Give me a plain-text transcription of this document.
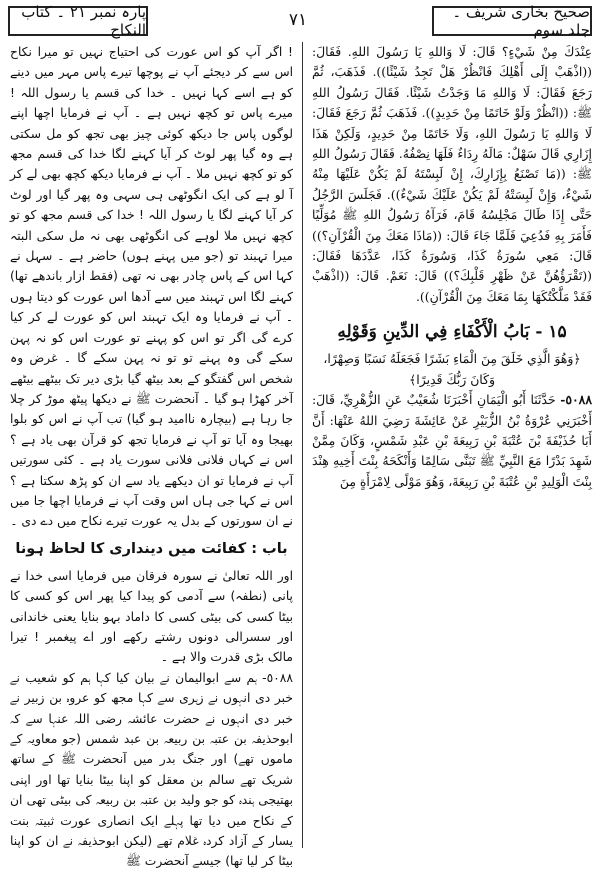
صحیح بخاری شریف ۔ جلد سوم
۷۱
پارہ نمبر ۲۱ ۔ کتاب النکاح

عِنْدَكَ مِنْ شَيْءٍ؟ قَالَ: لَا وَاللهِ يَا رَسُولَ اللهِ. فَقَالَ: ((اذْهَبْ إِلَى أَهْلِكَ فَانْظُرْ هَلْ تَجِدُ شَيْئًا)). فَذَهَبَ، ثُمَّ رَجَعَ فَقَالَ: لَا وَاللهِ مَا وَجَدْتُ شَيْئًا. فَقَالَ رَسُولُ اللهِ ﷺ: ((انْظُرْ وَلَوْ خَاتَمًا مِنْ حَدِيدٍ)). فَذَهَبَ ثُمَّ رَجَعَ فَقَالَ: لَا وَاللهِ يَا رَسُولَ اللهِ، وَلَا خَاتَمًا مِنْ حَدِيدٍ، وَلَكِنْ هَذَا إِزَارِي قَالَ سَهْلٌ: مَالَهُ رِدَاءٌ فَلَهَا نِصْفُهُ. فَقَالَ رَسُولُ اللهِ ﷺ: ((مَا تَصْنَعُ بِإِزَارِكَ، إِنْ لَبِسْتَهُ لَمْ يَكُنْ عَلَيْهَا مِنْهُ شَيْءٌ، وَإِنْ لَبِسَتْهُ لَمْ يَكُنْ عَلَيْكَ شَيْءٌ)). فَجَلَسَ الرَّجُلُ حَتَّى إِذَا طَالَ مَجْلِسُهُ قَامَ، فَرَآهُ رَسُولُ اللهِ ﷺ مُوَلِّيًا فَأَمَرَ بِهِ فَدُعِيَ فَلَمَّا جَاءَ قَالَ: ((مَاذَا مَعَكَ مِنَ الْقُرْآنِ؟)) قَالَ: مَعِي سُورَةُ كَذَا، وَسُورَةُ كَذَا، عَدَّدَهَا فَقَالَ: ((تَقْرَؤُهُنَّ عَنْ ظَهْرِ قَلْبِكَ؟)) قَالَ: نَعَمْ. قَالَ: ((اذْهَبْ فَقَدْ مَلَّكْتُكَهَا بِمَا مَعَكَ مِنَ الْقُرْآنِ)).

۱۵ - بَابُ الْأَكْفَاءِ فِي الدِّينِ وَقَوْلِهِ

﴿وَهُوَ الَّذِي خَلَقَ مِنَ الْمَاءِ بَشَرًا فَجَعَلَهُ نَسَبًا وَصِهْرًا، وَكَانَ رَبُّكَ قَدِيرًا﴾

٥٠٨٨- حَدَّثَنَا أَبُو الْيَمَانِ أَخْبَرَنَا شُعَيْبٌ عَنِ الزُّهْرِيِّ، قَالَ: أَخْبَرَنِي عُرْوَةُ بْنُ الزُّبَيْرِ عَنْ عَائِشَةَ رَضِيَ اللهُ عَنْهَا: أَنَّ أَبَا حُذَيْفَةَ بْنَ عُتْبَةَ بْنِ رَبِيعَةَ بْنِ عَبْدِ شَمْسٍ، وَكَانَ مِمَّنْ شَهِدَ بَدْرًا مَعَ النَّبِيِّ ﷺ تَبَنَّى سَالِمًا وَأَنْكَحَهُ بِنْتَ أَخِيهِ هِنْدَ بِنْتَ الْوَلِيدِ بْنِ عُتْبَةَ بْنِ رَبِيعَةَ، وَهُوَ مَوْلًى لِامْرَأَةٍ مِنَ

! اگر آپ کو اس عورت کی احتیاج نہیں تو میرا نکاح اس سے کر دیجئے آپ نے پوچھا تیرے پاس مہر میں دینے کو ہے اسے کہا نہیں ۔ خدا کی قسم یا رسول اللہ ! میرے پاس تو کچھ نہیں ہے ۔ آپ نے فرمایا اچھا اپنے لوگوں پاس جا دیکھ کوئی چیز بھی تجھ کو مل سکتی ہے وہ گیا پھر لوٹ کر آیا کہنے لگا خدا کی قسم مجھ کو تو کچھ نہیں ملا ۔ آپ نے فرمایا دیکھ کچھ بھی لے کر آ لو ہے کی ایک انگوٹھی ہی سہی وہ پھر گیا اور لوٹ کر آیا کہنے لگا یا رسول اللہ ! خدا کی قسم مجھ کو تو کچھ نہیں ملا لوہے کی انگوٹھی بھی نہ مل سکی البتہ میرا تہبند تو (جو میں پہنے ہوں) حاضر ہے ۔ سہل نے کہا اس کے پاس چادر بھی نہ تھی (فقط ازار باندھے تھا) کہنے لگا اس تہبند میں سے آدھا اس عورت کو دیتا ہوں ۔ آپ نے فرمایا وہ ایک تہبند اس کو عورت لے کر کیا کرے گی اگر تو اس کو پہنے تو عورت اس کو نہ پہن سکے گی وہ پہنے تو تو نہ پہن سکے گا ۔ غرض وہ شخص اس گفتگو کے بعد بیٹھ گیا بڑی دیر تک بیٹھے بیٹھے آخر کھڑا ہو گیا ۔ آنحضرت ﷺ نے دیکھا پیٹھ موڑ کر چلا جا رہا ہے (بیچارہ ناامید ہو گیا) تب آپ نے اس کو بلوا بھیجا وہ آیا تو آپ نے فرمایا تجھ کو قرآن بھی یاد ہے ؟ اس نے کہاں فلانی فلانی سورت یاد ہے ۔ کئی سورتیں آپ نے فرمایا تو ان دیکھے یاد سے ان کو پڑھ سکتا ہے ؟ اس نے کہا جی ہاں اس وقت آپ نے فرمایا اچھا جا میں نے ان سورتوں کے بدل یہ عورت تیرے نکاح میں دے دی ۔

باب : کفائت میں دینداری کا لحاظ ہونا

اور اللہ تعالیٰ نے سورہ فرقان میں فرمایا اسی خدا نے پانی (نطفہ) سے آدمی کو پیدا کیا پھر اس کو کسی کا بیٹا کسی کی بیٹی کسی کا داماد بہو بنایا یعنی خاندانی اور سسرالی دونوں رشتے رکھے اور اے پیغمبر ! تیرا مالک بڑی قدرت والا ہے ۔

٥٠٨٨- ہم سے ابوالیمان نے بیان کیا کہا ہم کو شعیب نے خبر دی انہوں نے زہری سے کہا مجھ کو عروہ بن زبیر نے خبر دی انہوں نے حضرت عائشہ رضی اللہ عنہا سے کہ ابوحذیفہ بن عتبہ بن ربیعہ بن عبد شمس (جو معاویہ کے ماموں تھے) اور جنگ بدر میں آنحضرت ﷺ کے ساتھ شریک تھے سالم بن معقل کو اپنا بیٹا بنایا تھا اور اپنی بھتیجی ہندہ کو جو ولید بن عتبہ بن ربیعہ کی بیٹی تھی ان کے نکاح میں دیا تھا پہلے ایک انصاری عورت ثبیتہ بنت یسار کے آزاد کردہ غلام تھے (لیکن ابوحذیفہ نے ان کو اپنا بیٹا کر لیا تھا) جیسے آنحضرت ﷺ
